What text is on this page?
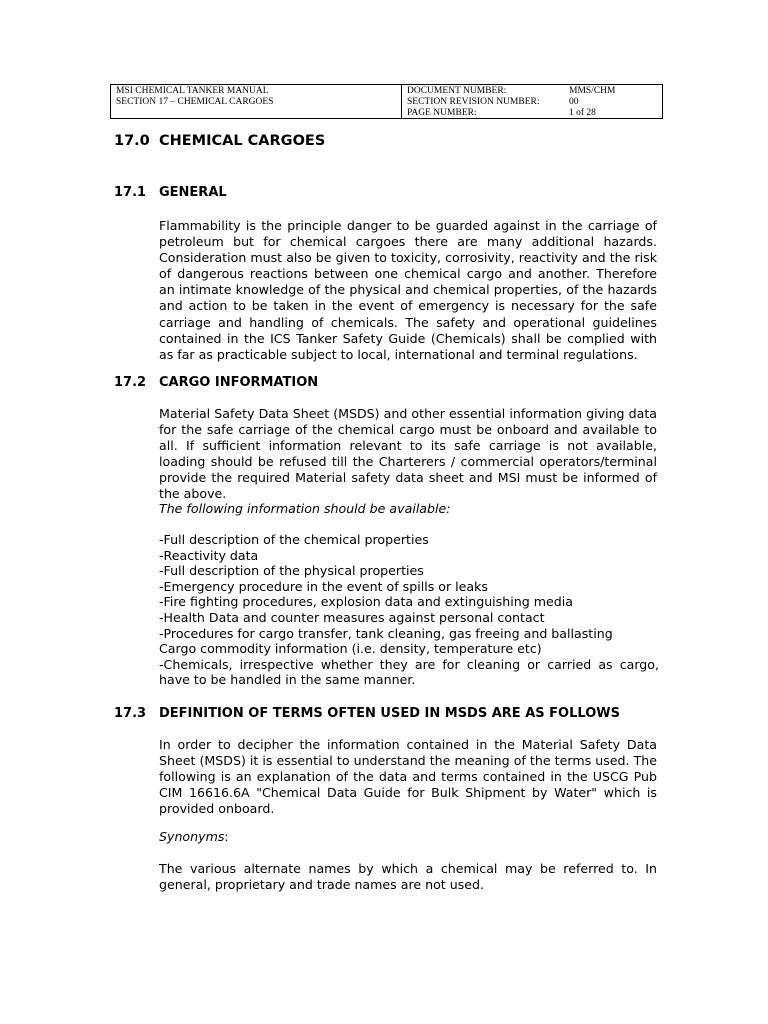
MSI CHEMICAL TANKER MANUAL
SECTION 17 – CHEMICAL CARGOES
DOCUMENT NUMBER:	MMS/CHM
SECTION REVISION NUMBER:	00
PAGE NUMBER:	1 of 28
17.0 CHEMICAL CARGOES
17.1 GENERAL

Flammability is the principle danger to be guarded against in the carriage of petroleum but for chemical cargoes there are many additional hazards. Consideration must also be given to toxicity, corrosivity, reactivity and the risk of dangerous reactions between one chemical cargo and another. Therefore an intimate knowledge of the physical and chemical properties, of the hazards and action to be taken in the event of emergency is necessary for the safe carriage and handling of chemicals. The safety and operational guidelines contained in the ICS Tanker Safety Guide (Chemicals) shall be complied with as far as practicable subject to local, international and terminal regulations.

17.2 CARGO INFORMATION

Material Safety Data Sheet (MSDS) and other essential information giving data for the safe carriage of the chemical cargo must be onboard and available to all. If sufficient information relevant to its safe carriage is not available, loading should be refused till the Charterers / commercial operators/terminal provide the required Material safety data sheet and MSI must be informed of the above.

The following information should be available:

-Full description of the chemical properties
-Reactivity data
-Full description of the physical properties
-Emergency procedure in the event of spills or leaks
-Fire fighting procedures, explosion data and extinguishing media
-Health Data and counter measures against personal contact
-Procedures for cargo transfer, tank cleaning, gas freeing and ballasting
Cargo commodity information (i.e. density, temperature etc)
-Chemicals, irrespective whether they are for cleaning or carried as cargo, have to be handled in the same manner.
17.3 DEFINITION OF TERMS OFTEN USED IN MSDS ARE AS FOLLOWS

In order to decipher the information contained in the Material Safety Data Sheet (MSDS) it is essential to understand the meaning of the terms used. The following is an explanation of the data and terms contained in the USCG Pub CIM 16616.6A "Chemical Data Guide for Bulk Shipment by Water" which is provided onboard.

Synonyms:

The various alternate names by which a chemical may be referred to. In general, proprietary and trade names are not used.
